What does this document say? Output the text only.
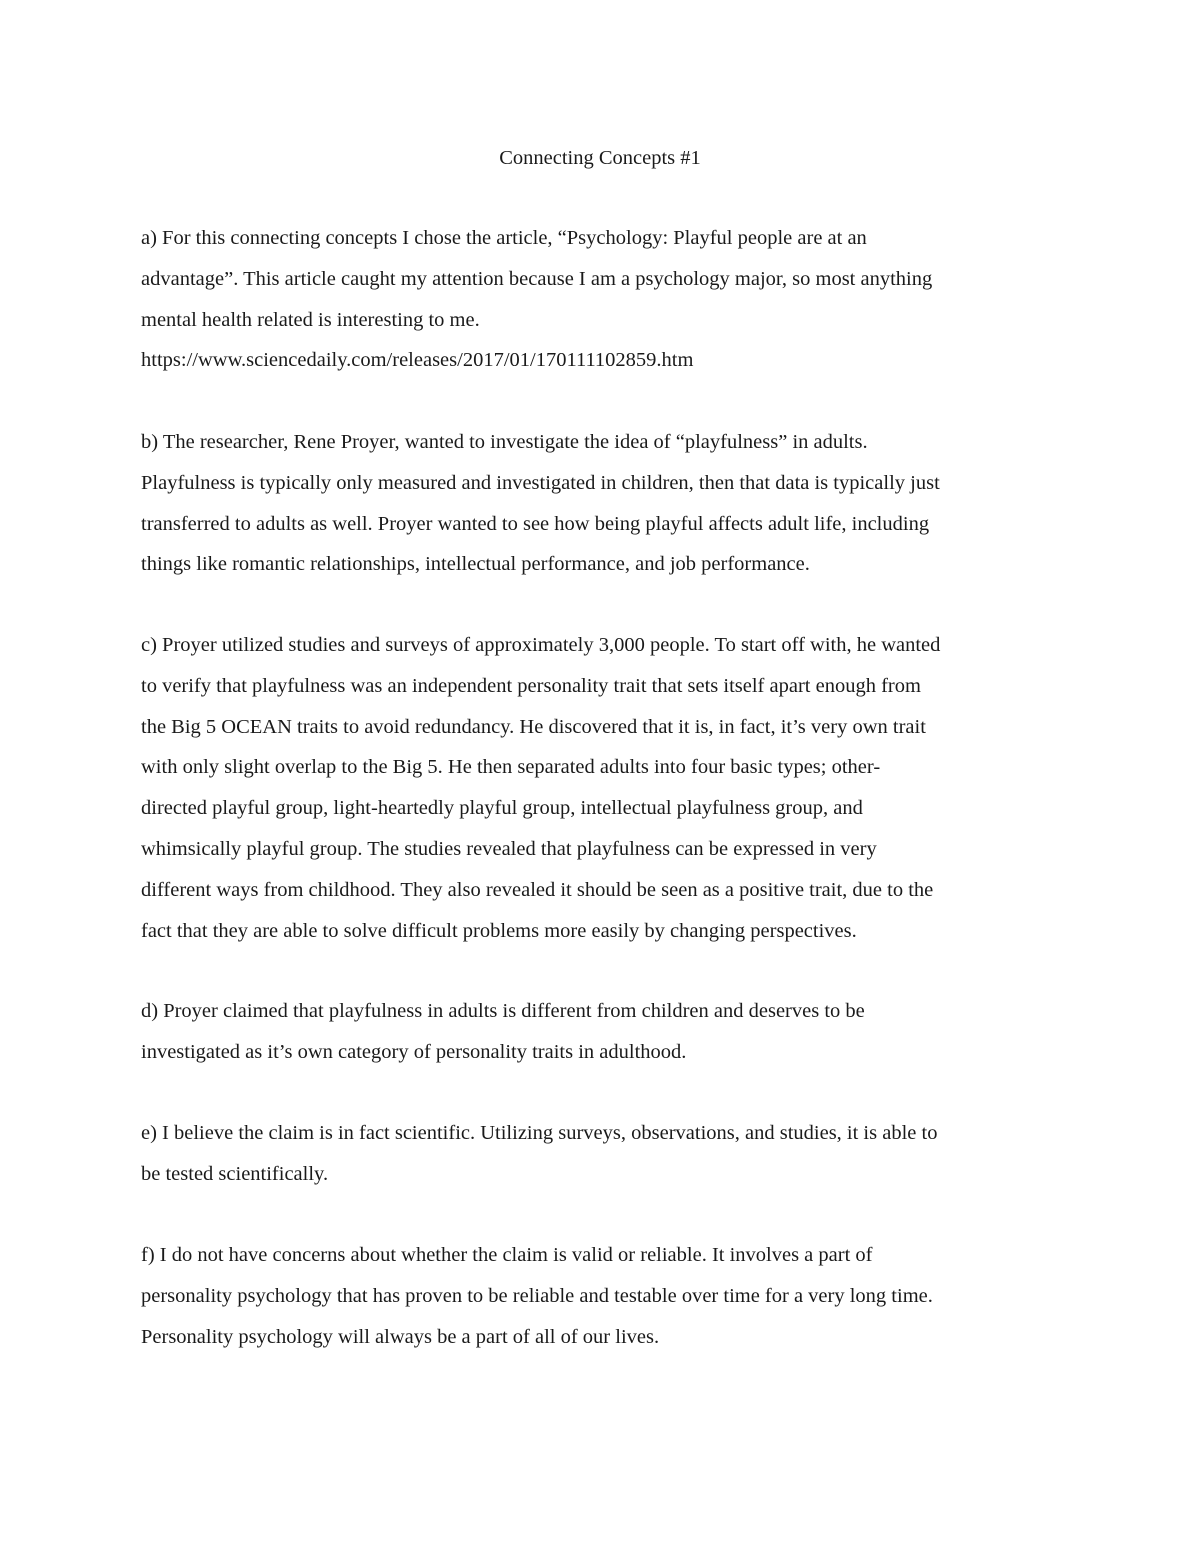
Connecting Concepts #1
a) For this connecting concepts I chose the article, “Psychology: Playful people are at an
advantage”. This article caught my attention because I am a psychology major, so most anything
mental health related is interesting to me.
https://www.sciencedaily.com/releases/2017/01/170111102859.htm
b) The researcher, Rene Proyer, wanted to investigate the idea of “playfulness” in adults.
Playfulness is typically only measured and investigated in children, then that data is typically just
transferred to adults as well. Proyer wanted to see how being playful affects adult life, including
things like romantic relationships, intellectual performance, and job performance.
c) Proyer utilized studies and surveys of approximately 3,000 people. To start off with, he wanted
to verify that playfulness was an independent personality trait that sets itself apart enough from
the Big 5 OCEAN traits to avoid redundancy. He discovered that it is, in fact, it’s very own trait
with only slight overlap to the Big 5. He then separated adults into four basic types; other-
directed playful group, light-heartedly playful group, intellectual playfulness group, and
whimsically playful group. The studies revealed that playfulness can be expressed in very
different ways from childhood. They also revealed it should be seen as a positive trait, due to the
fact that they are able to solve difficult problems more easily by changing perspectives.
d) Proyer claimed that playfulness in adults is different from children and deserves to be
investigated as it’s own category of personality traits in adulthood.
e) I believe the claim is in fact scientific. Utilizing surveys, observations, and studies, it is able to
be tested scientifically.
f) I do not have concerns about whether the claim is valid or reliable. It involves a part of
personality psychology that has proven to be reliable and testable over time for a very long time.
Personality psychology will always be a part of all of our lives.
